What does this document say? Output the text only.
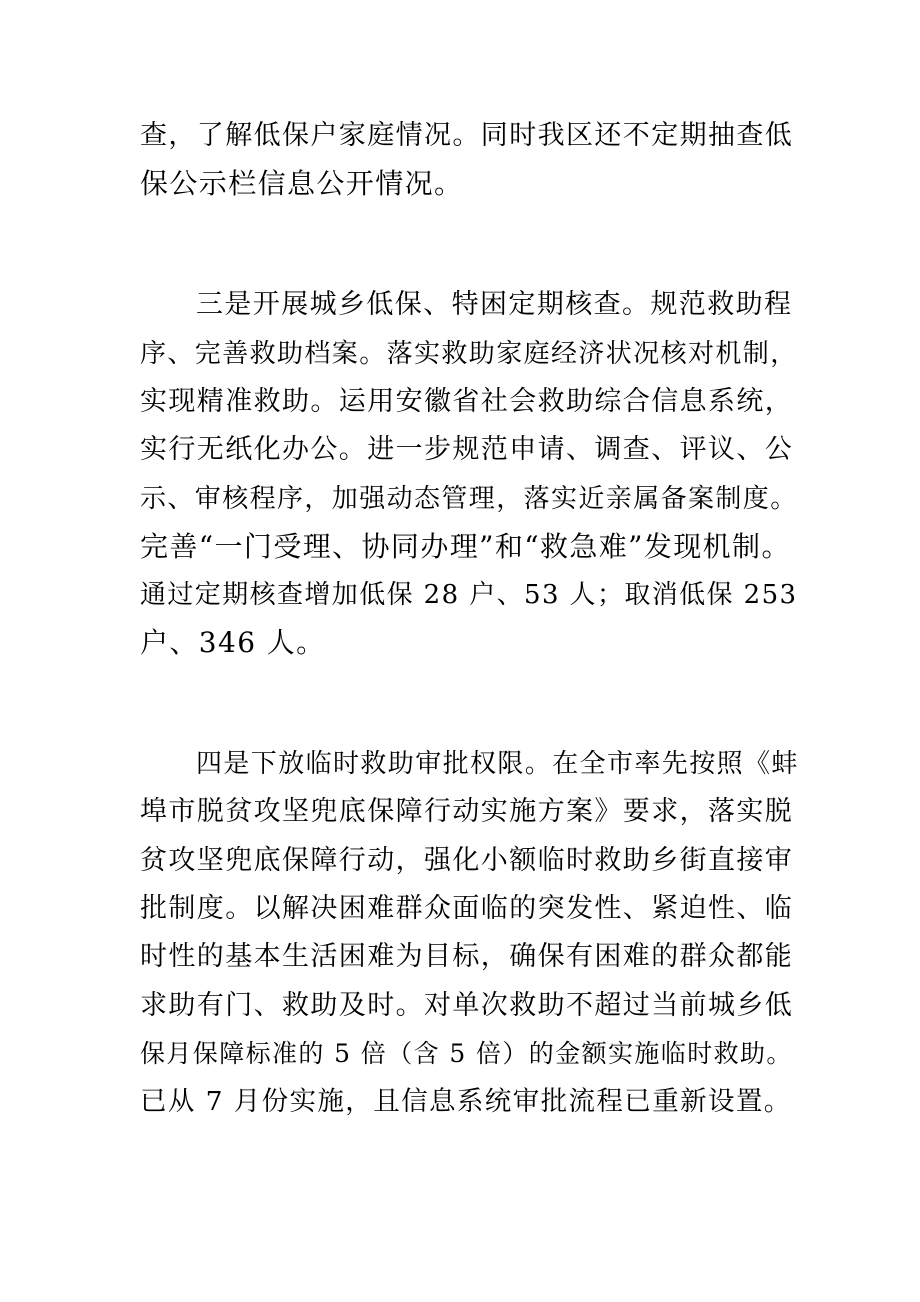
查，了解低保户家庭情况。同时我区还不定期抽查低
保公示栏信息公开情况。
三是开展城乡低保、特困定期核查。规范救助程
序、完善救助档案。落实救助家庭经济状况核对机制，
实现精准救助。运用安徽省社会救助综合信息系统，
实行无纸化办公。进一步规范申请、调查、评议、公
示、审核程序，加强动态管理，落实近亲属备案制度。
完善“一门受理、协同办理”和“救急难”发现机制。
通过定期核查增加低保 28 户、53 人；取消低保 253
户、346 人。
四是下放临时救助审批权限。在全市率先按照《蚌
埠市脱贫攻坚兜底保障行动实施方案》要求，落实脱
贫攻坚兜底保障行动，强化小额临时救助乡街直接审
批制度。以解决困难群众面临的突发性、紧迫性、临
时性的基本生活困难为目标，确保有困难的群众都能
求助有门、救助及时。对单次救助不超过当前城乡低
保月保障标准的 5 倍（含 5 倍）的金额实施临时救助。
已从 7 月份实施，且信息系统审批流程已重新设置。
